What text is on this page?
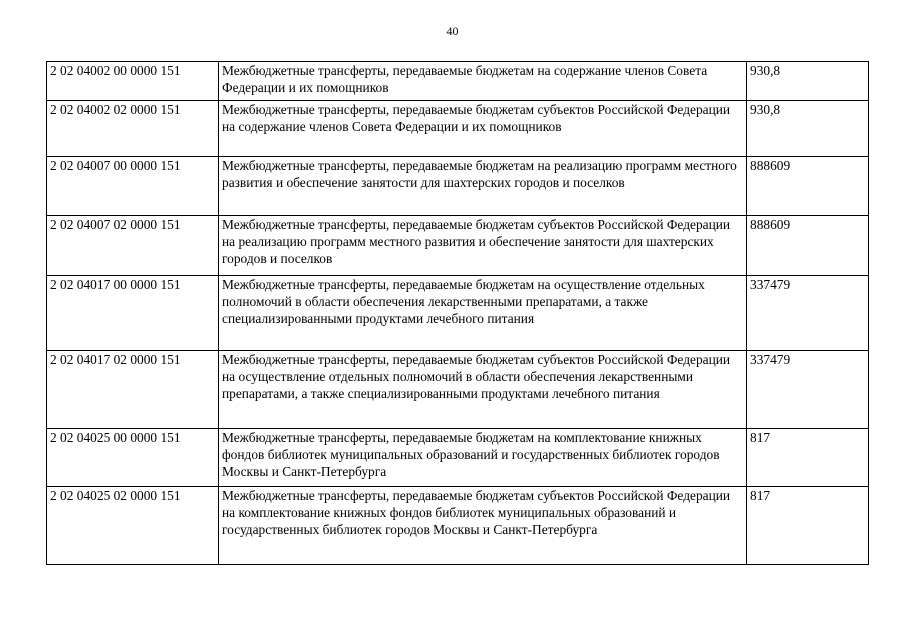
40
2 02 04002 00 0000 151	Межбюджетные трансферты, передаваемые бюджетам на содержание членов Совета Федерации и их помощников	930,8
2 02 04002 02 0000 151	Межбюджетные трансферты, передаваемые бюджетам субъектов Российской Федерации на содержание членов Совета Федерации и их помощников	930,8
2 02 04007 00 0000 151	Межбюджетные трансферты, передаваемые бюджетам на реализацию программ местного развития и обеспечение занятости для шахтерских городов и поселков	888609
2 02 04007 02 0000 151	Межбюджетные трансферты, передаваемые бюджетам субъектов Российской Федерации на реализацию программ местного развития и обеспечение занятости для шахтерских городов и поселков	888609
2 02 04017 00 0000 151	Межбюджетные трансферты, передаваемые бюджетам на осуществление отдельных полномочий в области обеспечения лекарственными препаратами, а также специализированными продуктами лечебного питания	337479
2 02 04017 02 0000 151	Межбюджетные трансферты, передаваемые бюджетам субъектов Российской Федерации на осуществление отдельных полномочий в области обеспечения лекарственными препаратами, а также специализированными продуктами лечебного питания	337479
2 02 04025 00 0000 151	Межбюджетные трансферты, передаваемые бюджетам на комплектование книжных фондов библиотек муниципальных образований и государственных библиотек городов Москвы и Санкт-Петербурга	817
2 02 04025 02 0000 151	Межбюджетные трансферты, передаваемые бюджетам субъектов Российской Федерации на комплектование книжных фондов библиотек муниципальных образований и государственных библиотек городов Москвы и Санкт-Петербурга	817
